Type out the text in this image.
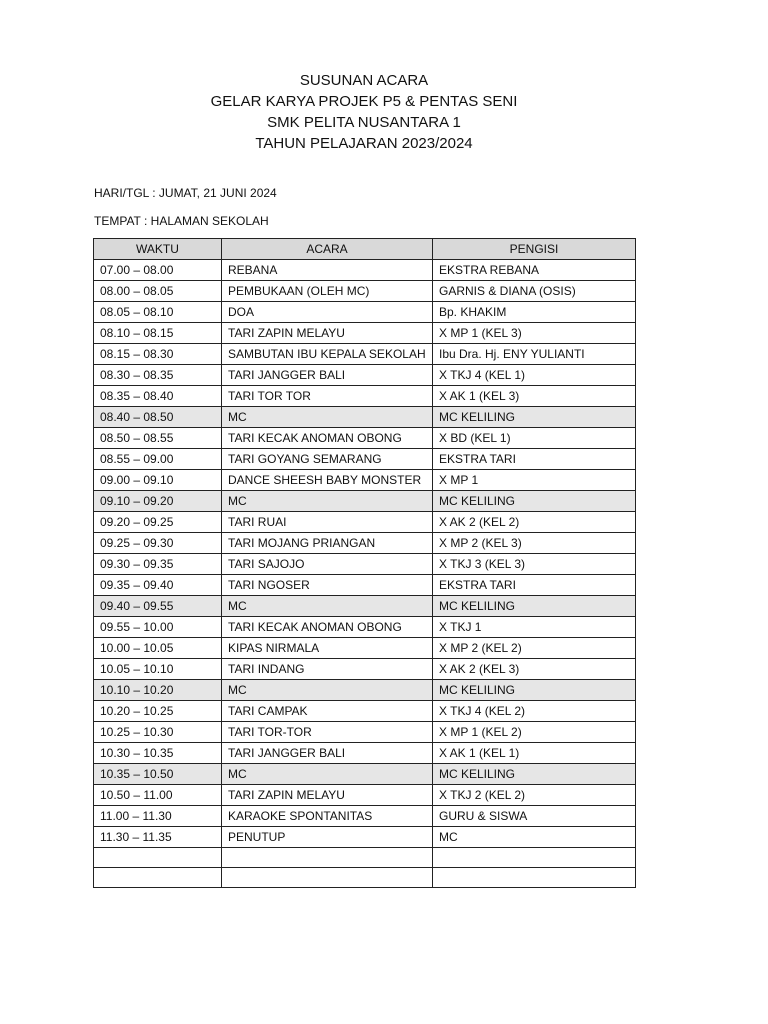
SUSUNAN ACARA
GELAR KARYA PROJEK P5 & PENTAS SENI
SMK PELITA NUSANTARA 1
TAHUN PELAJARAN 2023/2024
HARI/TGL : JUMAT, 21 JUNI 2024
TEMPAT : HALAMAN SEKOLAH
WAKTU	ACARA	PENGISI
07.00 – 08.00	REBANA	EKSTRA REBANA
08.00 – 08.05	PEMBUKAAN (OLEH MC)	GARNIS & DIANA (OSIS)
08.05 – 08.10	DOA	Bp. KHAKIM
08.10 – 08.15	TARI ZAPIN MELAYU	X MP 1 (KEL 3)
08.15 – 08.30	SAMBUTAN IBU KEPALA SEKOLAH	Ibu Dra. Hj. ENY YULIANTI
08.30 – 08.35	TARI JANGGER BALI	X TKJ 4 (KEL 1)
08.35 – 08.40	TARI TOR TOR	X AK 1 (KEL 3)
08.40 – 08.50	MC	MC KELILING
08.50 – 08.55	TARI KECAK ANOMAN OBONG	X BD (KEL 1)
08.55 – 09.00	TARI GOYANG SEMARANG	EKSTRA TARI
09.00 – 09.10	DANCE SHEESH BABY MONSTER	X MP 1
09.10 – 09.20	MC	MC KELILING
09.20 – 09.25	TARI RUAI	X AK 2 (KEL 2)
09.25 – 09.30	TARI MOJANG PRIANGAN	X MP 2 (KEL 3)
09.30 – 09.35	TARI SAJOJO	X TKJ 3 (KEL 3)
09.35 – 09.40	TARI NGOSER	EKSTRA TARI
09.40 – 09.55	MC	MC KELILING
09.55 – 10.00	TARI KECAK ANOMAN OBONG	X TKJ 1
10.00 – 10.05	KIPAS NIRMALA	X MP 2 (KEL 2)
10.05 – 10.10	TARI INDANG	X AK 2 (KEL 3)
10.10 – 10.20	MC	MC KELILING
10.20 – 10.25	TARI CAMPAK	X TKJ 4 (KEL 2)
10.25 – 10.30	TARI TOR-TOR	X MP 1 (KEL 2)
10.30 – 10.35	TARI JANGGER BALI	X AK 1 (KEL 1)
10.35 – 10.50	MC	MC KELILING
10.50 – 11.00	TARI ZAPIN MELAYU	X TKJ 2 (KEL 2)
11.00 – 11.30	KARAOKE SPONTANITAS	GURU & SISWA
11.30 – 11.35	PENUTUP	MC
